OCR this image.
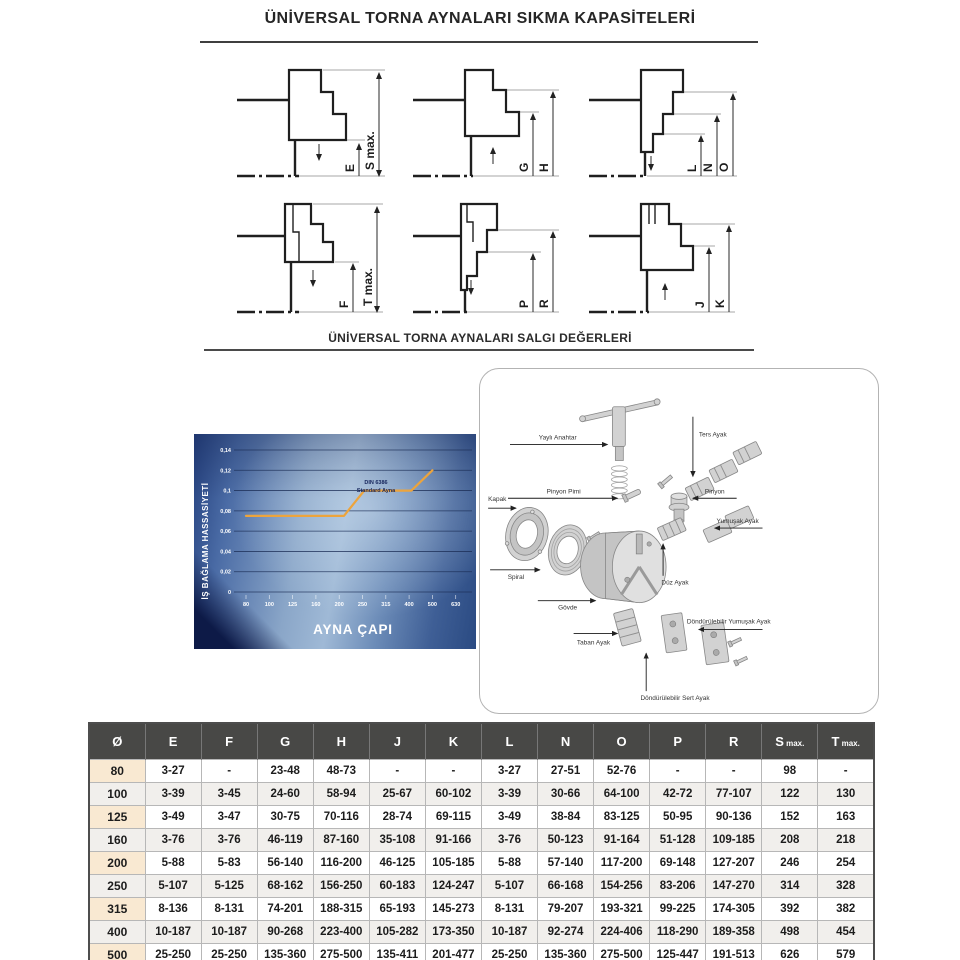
ÜNİVERSAL TORNA AYNALARI SIKMA KAPASİTELERİ
E S max.	G H	L N O
F T max.	P R	J K
ÜNİVERSAL TORNA AYNALARI SALGI DEĞERLERİ
0
0,02
0,04
0,06
0,08
0,1
0,12
0,14
80	100	125	160	200	250	315	400	500	630
DIN 6386
Standard Ayna
İŞ BAĞLAMA HASSASİYETİ
AYNA ÇAPI
Yaylı Anahtar	Ters Ayak
Pinyon Pimi	Pinyon
Kapak
Yumuşak Ayak
Spiral
Düz Ayak
Gövde
Taban Ayak
Döndürülebilir Yumuşak Ayak
Döndürülebilir Sert Ayak
Ø	E	F	G	H	J	K	L	N	O	P	R	S max.	T max.
80	3-27	-	23-48	48-73	-	-	3-27	27-51	52-76	-	-	98	-
100	3-39	3-45	24-60	58-94	25-67	60-102	3-39	30-66	64-100	42-72	77-107	122	130
125	3-49	3-47	30-75	70-116	28-74	69-115	3-49	38-84	83-125	50-95	90-136	152	163
160	3-76	3-76	46-119	87-160	35-108	91-166	3-76	50-123	91-164	51-128	109-185	208	218
200	5-88	5-83	56-140	116-200	46-125	105-185	5-88	57-140	117-200	69-148	127-207	246	254
250	5-107	5-125	68-162	156-250	60-183	124-247	5-107	66-168	154-256	83-206	147-270	314	328
315	8-136	8-131	74-201	188-315	65-193	145-273	8-131	79-207	193-321	99-225	174-305	392	382
400	10-187	10-187	90-268	223-400	105-282	173-350	10-187	92-274	224-406	118-290	189-358	498	454
500	25-250	25-250	135-360	275-500	135-411	201-477	25-250	135-360	275-500	125-447	191-513	626	579
